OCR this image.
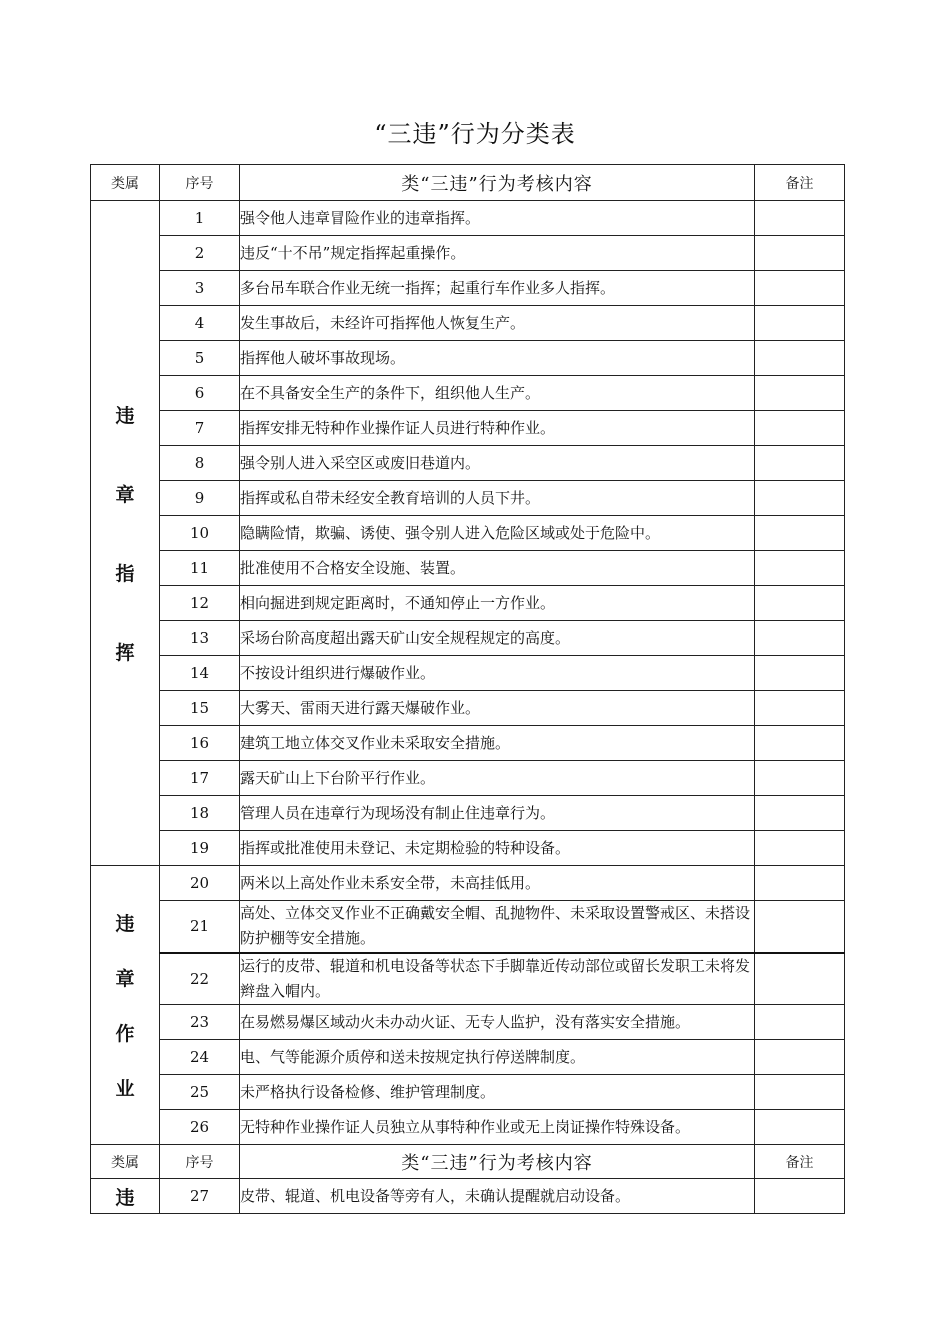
“三违”行为分类表
类属	序号	类“三违”行为考核内容	备注

违
章
指
挥	1	强令他人违章冒险作业的违章指挥。	
	2	违反“十不吊”规定指挥起重操作。	
	3	多台吊车联合作业无统一指挥；起重行车作业多人指挥。	
	4	发生事故后，未经许可指挥他人恢复生产。	
	5	指挥他人破坏事故现场。	
	6	在不具备安全生产的条件下，组织他人生产。	
	7	指挥安排无特种作业操作证人员进行特种作业。	
	8	强令别人进入采空区或废旧巷道内。	
	9	指挥或私自带未经安全教育培训的人员下井。	
	10	隐瞒险情，欺骗、诱使、强令别人进入危险区域或处于危险中。	
	11	批准使用不合格安全设施、装置。	
	12	相向掘进到规定距离时，不通知停止一方作业。	
	13	采场台阶高度超出露天矿山安全规程规定的高度。	
	14	不按设计组织进行爆破作业。	
	15	大雾天、雷雨天进行露天爆破作业。	
	16	建筑工地立体交叉作业未采取安全措施。	
	17	露天矿山上下台阶平行作业。	
	18	管理人员在违章行为现场没有制止住违章行为。	
	19	指挥或批准使用未登记、未定期检验的特种设备。	

违
章
作
业	20	两米以上高处作业未系安全带，未高挂低用。	
	21	高处、立体交叉作业不正确戴安全帽、乱抛物件、未采取设置警戒区、未搭设防护棚等安全措施。	
	22	运行的皮带、辊道和机电设备等状态下手脚靠近传动部位或留长发职工未将发辫盘入帽内。	
	23	在易燃易爆区域动火未办动火证、无专人监护，没有落实安全措施。	
	24	电、气等能源介质停和送未按规定执行停送牌制度。	
	25	未严格执行设备检修、维护管理制度。	
	26	无特种作业操作证人员独立从事特种作业或无上岗证操作特殊设备。	
类属	序号	类“三违”行为考核内容	备注
违	27	皮带、辊道、机电设备等旁有人，未确认提醒就启动设备。	
